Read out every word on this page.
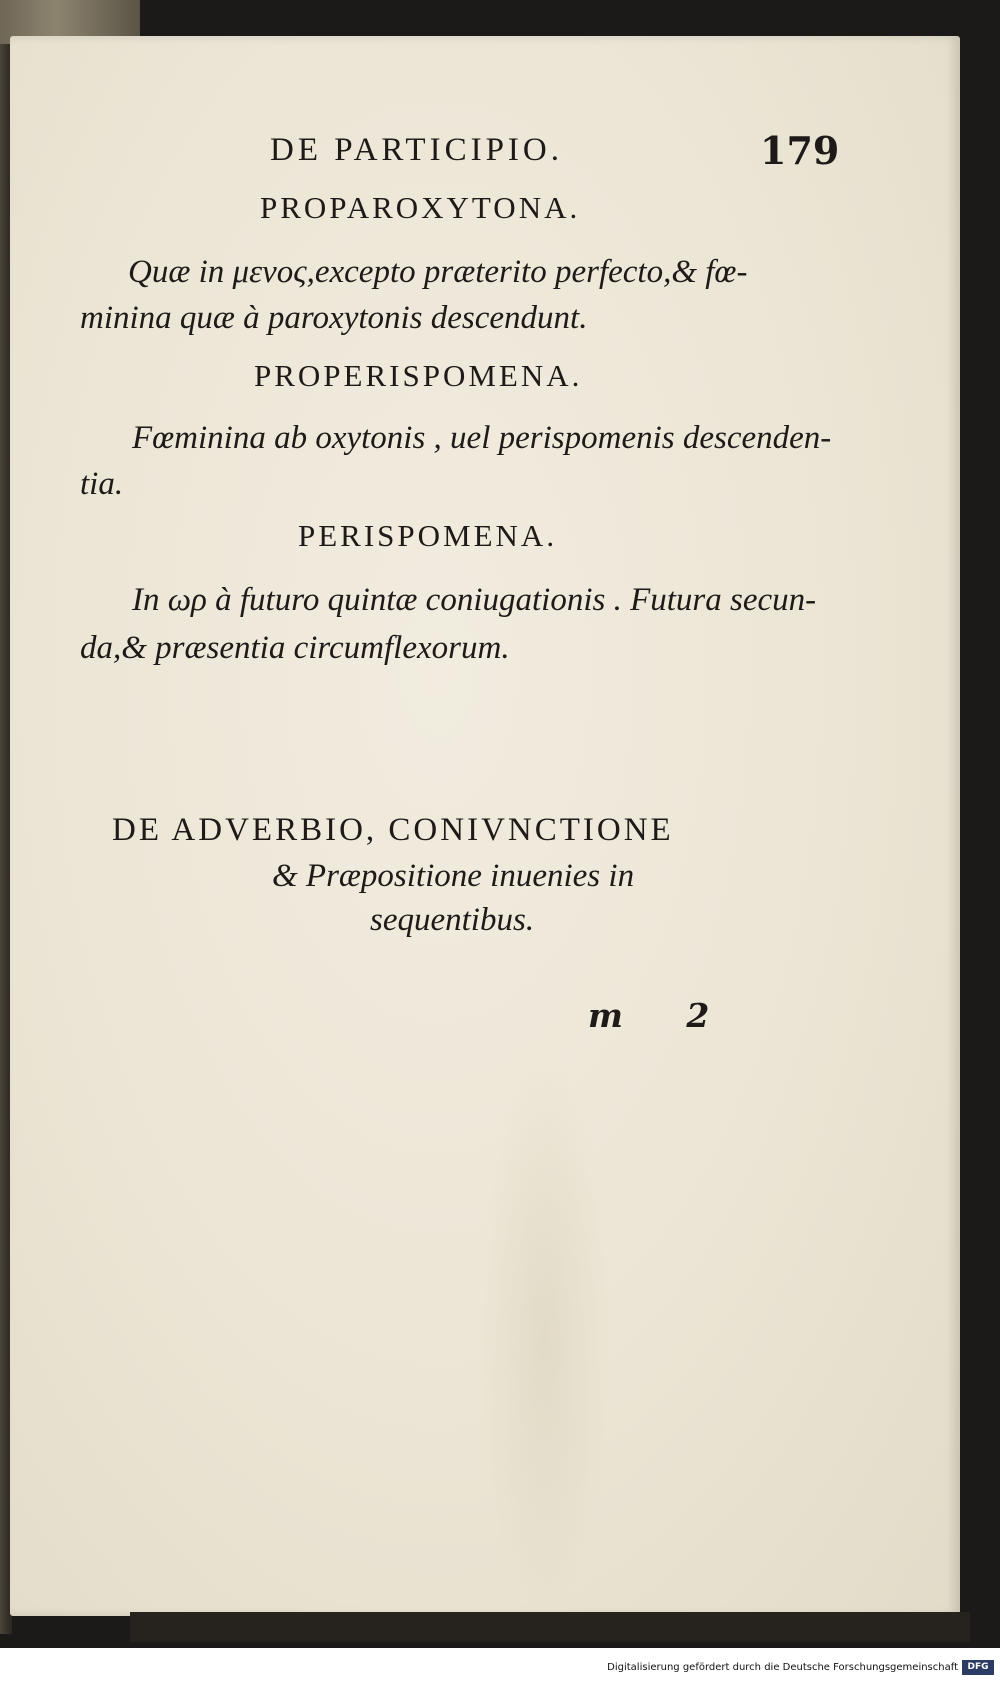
DE PARTICIPIO.	179
PROPAROXYTONA.
Quæ in μενος,excepto præterito perfecto,& fœ-
minina quæ à paroxytonis descendunt.
PROPERISPOMENA.
Fœminina ab oxytonis , uel perispomenis descenden-
tia.
PERISPOMENA.
In ωρ à futuro quintæ coniugationis . Futura secun-
da,& præsentia circumflexorum.
DE ADVERBIO, CONIVNCTIONE
& Præpositione inuenies in
sequentibus.
m 2
Digitalisierung gefördert durch die Deutsche Forschungsgemeinschaft	DFG
